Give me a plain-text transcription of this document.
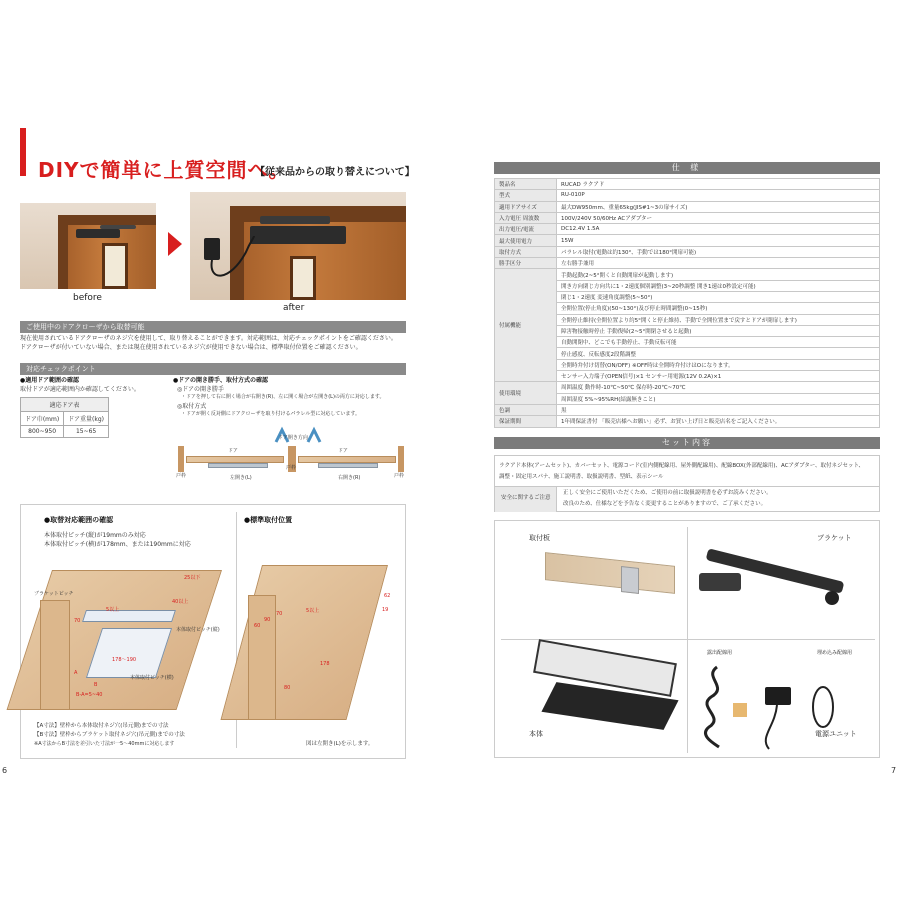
DIYで簡単に上質空間へ。
【従来品からの取り替えについて】
before
after
ご使用中のドアクローザから取替可能
現在使用されているドアクローザのネジ穴を使用して、取り替えることができます。対応範囲は、対応チェックポイントをご確認ください。
ドアクローザが付いていない場合、または現在使用されているネジ穴が使用できない場合は、標準取付位置をご確認ください。
対応チェックポイント
●適用ドア範囲の確認
取付ドアが適応範囲内か確認してください。
適応ドア表	
ドア巾(mm)	ドア重量(kg)
800~950	15~65
●ドアの開き勝手、取付方式の確認
◎ドアの開き勝手
・ドアを押して右に開く場合が右開き(R)、左に開く場合が左開き(L)の両方に対応します。
◎取付方式
・ドアが開く反対側にドアクローザを取り付けるパラレル型に対応しています。
ドア開き方向
ドア	ドア
戸枠
戸枠
戸枠
左開き(L)	右開き(R)
●取替対応範囲の確認
本体取付ピッチ(縦)が19mmのみ対応
本体取付ピッチ(横)が178mm、または190mmに対応
ブラケットピッチ
本体取付ピッチ(縦)
本体取付ピッチ(横)
25以下
40以上
5以上
70
178～190
A
B
B-A=5~40
【A寸法】壁枠から本体取付ネジ穴(吊元側)までの寸法
【B寸法】壁枠からブラケット取付ネジ穴(吊元側)までの寸法
※A寸法からB寸法を差引いた寸法が一5～40mmに対応します
●標準取付位置
60
90
70	5以上
62
19
178
80
図は左開き(L)を示します。
6
仕 様
製品名	RUCAD ラクアド
型式	RU-010P
適用ドアサイズ	最大DW950mm、重量65kg(JIS#1~3の扉サイズ)
入力電圧 周波数	100V/240V 50/60Hz ACアダプター
出力電圧/電流	DC12.4V 1.5A
最大使用電力	15W
取付方式	パラレル取付(電動は約130°、手動では180°開扉可能)
勝手区分	左右勝手兼用
付属機能	手動起動(2~5°開くと自動開扉が起動します)
	開き方向閉じ方向共に1・2速度個別調整(3~20秒調整 開き1速は0秒設定可能)
	閉じ1・2速度 変速角度調整(5~50°)
	全開位置(停止角度)(50~130°)及び停止時間調整(0~15秒)
	全開停止維持(全開位置より約5°開くと停止維持、手動で全開位置まで戻すとドアが閉扉します)
	障害物接触時停止 手動復帰(2~5°開閉させると起動)
	自動開閉中、どこでも手動停止、手動反転可能
	停止感度、反転感度2段階調整
	全開時弁付け切替(ON/OFF) ※OFF時は全開時弁付けはOになります。
	センサー入力端子(OPEN信号)×1 センサー用電源(12V 0.2A)×1
使用環境	周囲温度 動作時-10℃~50℃ 保存時-20℃~70℃
	周囲湿度 5%~95%RH(結露無きこと)
色調	黒
保証期間	1年間保証書付 「販売店様へお願い」必ず、お買い上げ日と販売店名をご記入ください。
セット内容
ラクアド本体(アームセット)、カバーセット、電源コード(室内側配線用、屋外側配線用)、配線BOX(外部配線用)、ACアダプター、取付ネジセット、
調整・固定用スパナ、施工説明書、取扱説明書、型紙、表示シール
安全に関するご注意
正しく安全にご使用いただくため、ご使用の前に取扱説明書を必ずお読みください。
改良のため、仕様などを予告なく変更することがありますので、ご了承ください。
取付板	ブラケット
本体
露出配線用	埋め込み配線用
電源ユニット
7
